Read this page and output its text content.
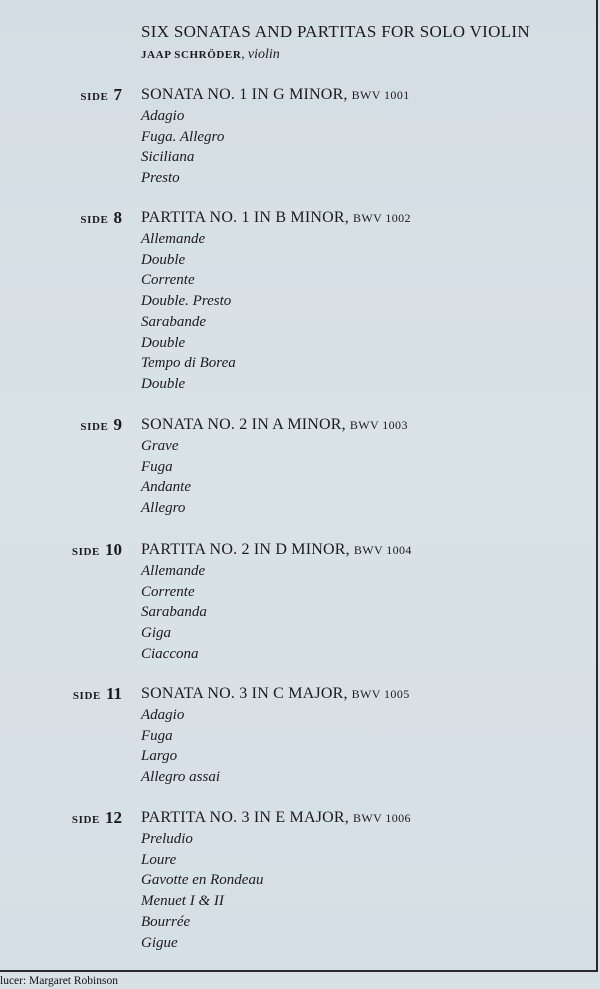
SIX SONATAS AND PARTITAS FOR SOLO VIOLIN
JAAP SCHRÖDER, violin
SIDE 7 SONATA NO. 1 IN G MINOR, BWV 1001
Adagio
Fuga. Allegro
Siciliana
Presto
SIDE 8 PARTITA NO. 1 IN B MINOR, BWV 1002
Allemande
Double
Corrente
Double. Presto
Sarabande
Double
Tempo di Borea
Double
SIDE 9 SONATA NO. 2 IN A MINOR, BWV 1003
Grave
Fuga
Andante
Allegro
SIDE 10 PARTITA NO. 2 IN D MINOR, BWV 1004
Allemande
Corrente
Sarabanda
Giga
Ciaccona
SIDE 11 SONATA NO. 3 IN C MAJOR, BWV 1005
Adagio
Fuga
Largo
Allegro assai
SIDE 12 PARTITA NO. 3 IN E MAJOR, BWV 1006
Preludio
Loure
Gavotte en Rondeau
Menuet I & II
Bourrée
Gigue
lucer: Margaret Robinson
